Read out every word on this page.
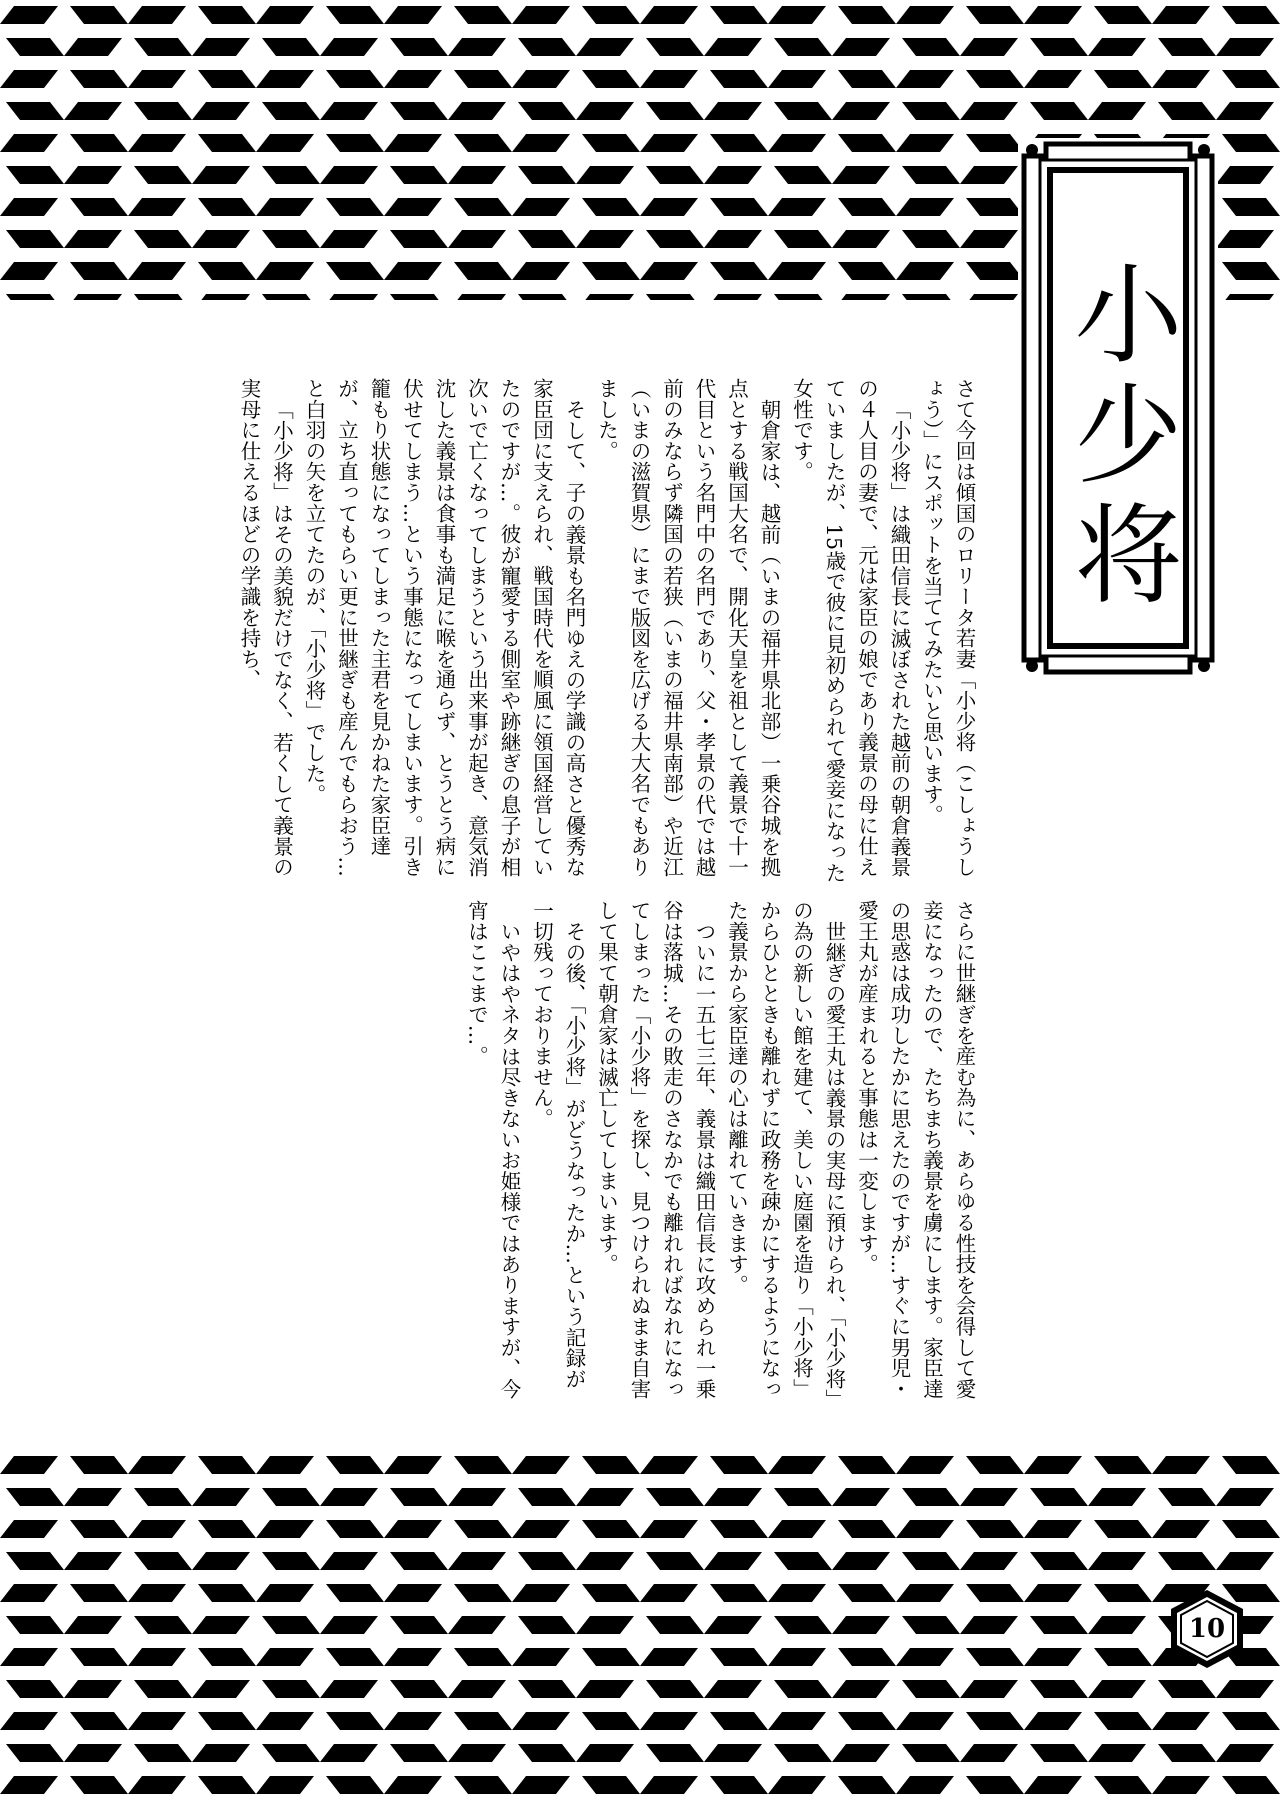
小少将

さて今回は傾国のロリータ若妻「小少将（こしょうしょう）」にスポットを当ててみたいと思います。

「小少将」は織田信長に滅ぼされた越前の朝倉義景の４人目の妻で、元は家臣の娘であり義景の母に仕えていましたが、15歳で彼に見初められて愛妾になった女性です。

朝倉家は、越前（いまの福井県北部）一乗谷城を拠点とする戦国大名で、開化天皇を祖として義景で十一代目という名門中の名門であり、父・孝景の代では越前のみならず隣国の若狭（いまの福井県南部）や近江（いまの滋賀県）にまで版図を広げる大大名でもありました。

そして、子の義景も名門ゆえの学識の高さと優秀な家臣団に支えられ、戦国時代を順風に領国経営していたのですが…。彼が寵愛する側室や跡継ぎの息子が相次いで亡くなってしまうという出来事が起き、意気消沈した義景は食事も満足に喉を通らず、とうとう病に伏せてしまう…という事態になってしまいます。引き籠もり状態になってしまった主君を見かねた家臣達が、立ち直ってもらい更に世継ぎも産んでもらおう…と白羽の矢を立てたのが、「小少将」でした。

「小少将」はその美貌だけでなく、若くして義景の実母に仕えるほどの学識を持ち、

さらに世継ぎを産む為に、あらゆる性技を会得して愛妾になったので、たちまち義景を虜にします。家臣達の思惑は成功したかに思えたのですが…すぐに男児・愛王丸が産まれると事態は一変します。

世継ぎの愛王丸は義景の実母に預けられ、「小少将」の為の新しい館を建て、美しい庭園を造り「小少将」からひとときも離れずに政務を疎かにするようになった義景から家臣達の心は離れていきます。

ついに一五七三年、義景は織田信長に攻められ一乗谷は落城…その敗走のさなかでも離れればなれになってしまった「小少将」を探し、見つけられぬまま自害して果て朝倉家は滅亡してしまいます。

その後、「小少将」がどうなったか…という記録が一切残っておりません。

いやはやネタは尽きないお姫様ではありますが、今宵はここまで…。

10
